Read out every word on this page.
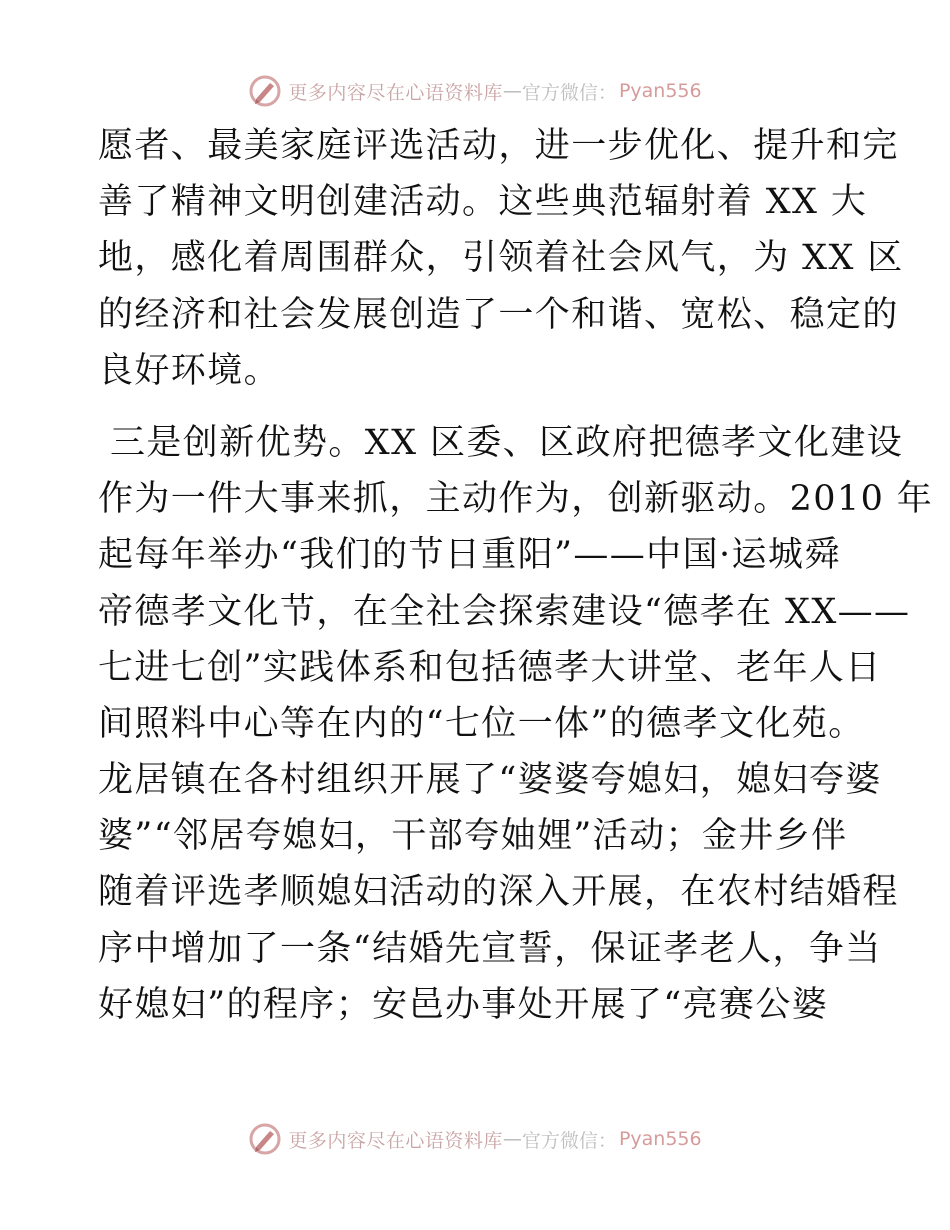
更多内容尽在心语资料库 — 官方微信： Pyan556
愿者、最美家庭评选活动，进一步优化、提升和完
善了精神文明创建活动。这些典范辐射着 XX 大
地，感化着周围群众，引领着社会风气，为 XX 区
的经济和社会发展创造了一个和谐、宽松、稳定的
良好环境。
三是创新优势。XX 区委、区政府把德孝文化建设
作为一件大事来抓，主动作为，创新驱动。2010 年
起每年举办“我们的节日重阳”——中国·运城舜
帝德孝文化节，在全社会探索建设“德孝在 XX——
七进七创”实践体系和包括德孝大讲堂、老年人日
间照料中心等在内的“七位一体”的德孝文化苑。
龙居镇在各村组织开展了“婆婆夸媳妇，媳妇夸婆
婆”“邻居夸媳妇，干部夸妯娌”活动；金井乡伴
随着评选孝顺媳妇活动的深入开展，在农村结婚程
序中增加了一条“结婚先宣誓，保证孝老人，争当
好媳妇”的程序；安邑办事处开展了“亮赛公婆
更多内容尽在心语资料库 — 官方微信： Pyan556
